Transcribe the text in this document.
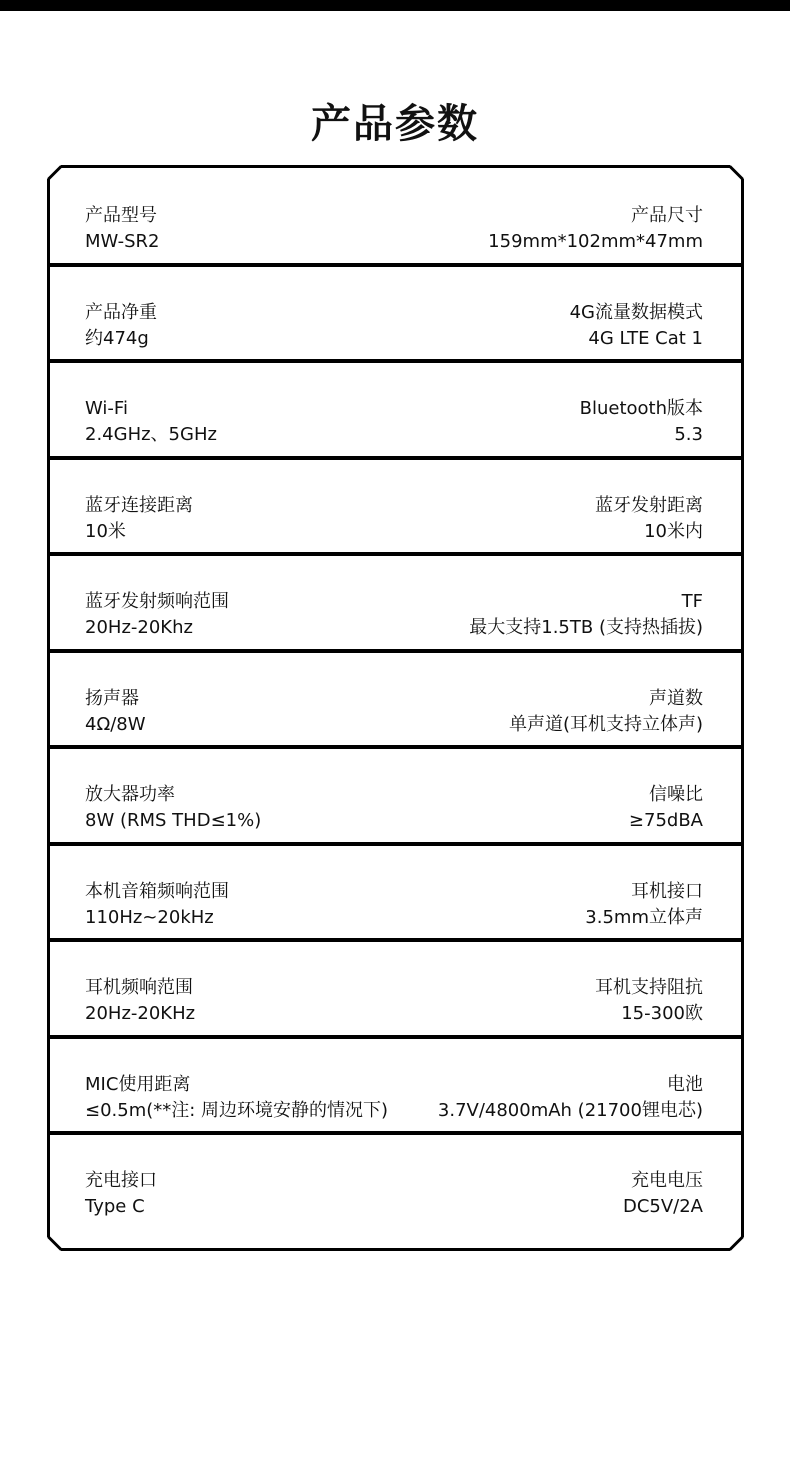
产品参数
产品型号
MW-SR2
产品尺寸
159mm*102mm*47mm
产品净重
约474g
4G流量数据模式
4G LTE Cat 1
Wi-Fi
2.4GHz、5GHz
Bluetooth版本
5.3
蓝牙连接距离
10米
蓝牙发射距离
10米内
蓝牙发射频响范围
20Hz-20Khz
TF
最大支持1.5TB (支持热插拔)
扬声器
4Ω/8W
声道数
单声道(耳机支持立体声)
放大器功率
8W (RMS THD≤1%)
信噪比
≥75dBA
本机音箱频响范围
110Hz~20kHz
耳机接口
3.5mm立体声
耳机频响范围
20Hz-20KHz
耳机支持阻抗
15-300欧
MIC使用距离
≤0.5m(**注: 周边环境安静的情况下)
电池
3.7V/4800mAh (21700锂电芯)
充电接口
Type C
充电电压
DC5V/2A
